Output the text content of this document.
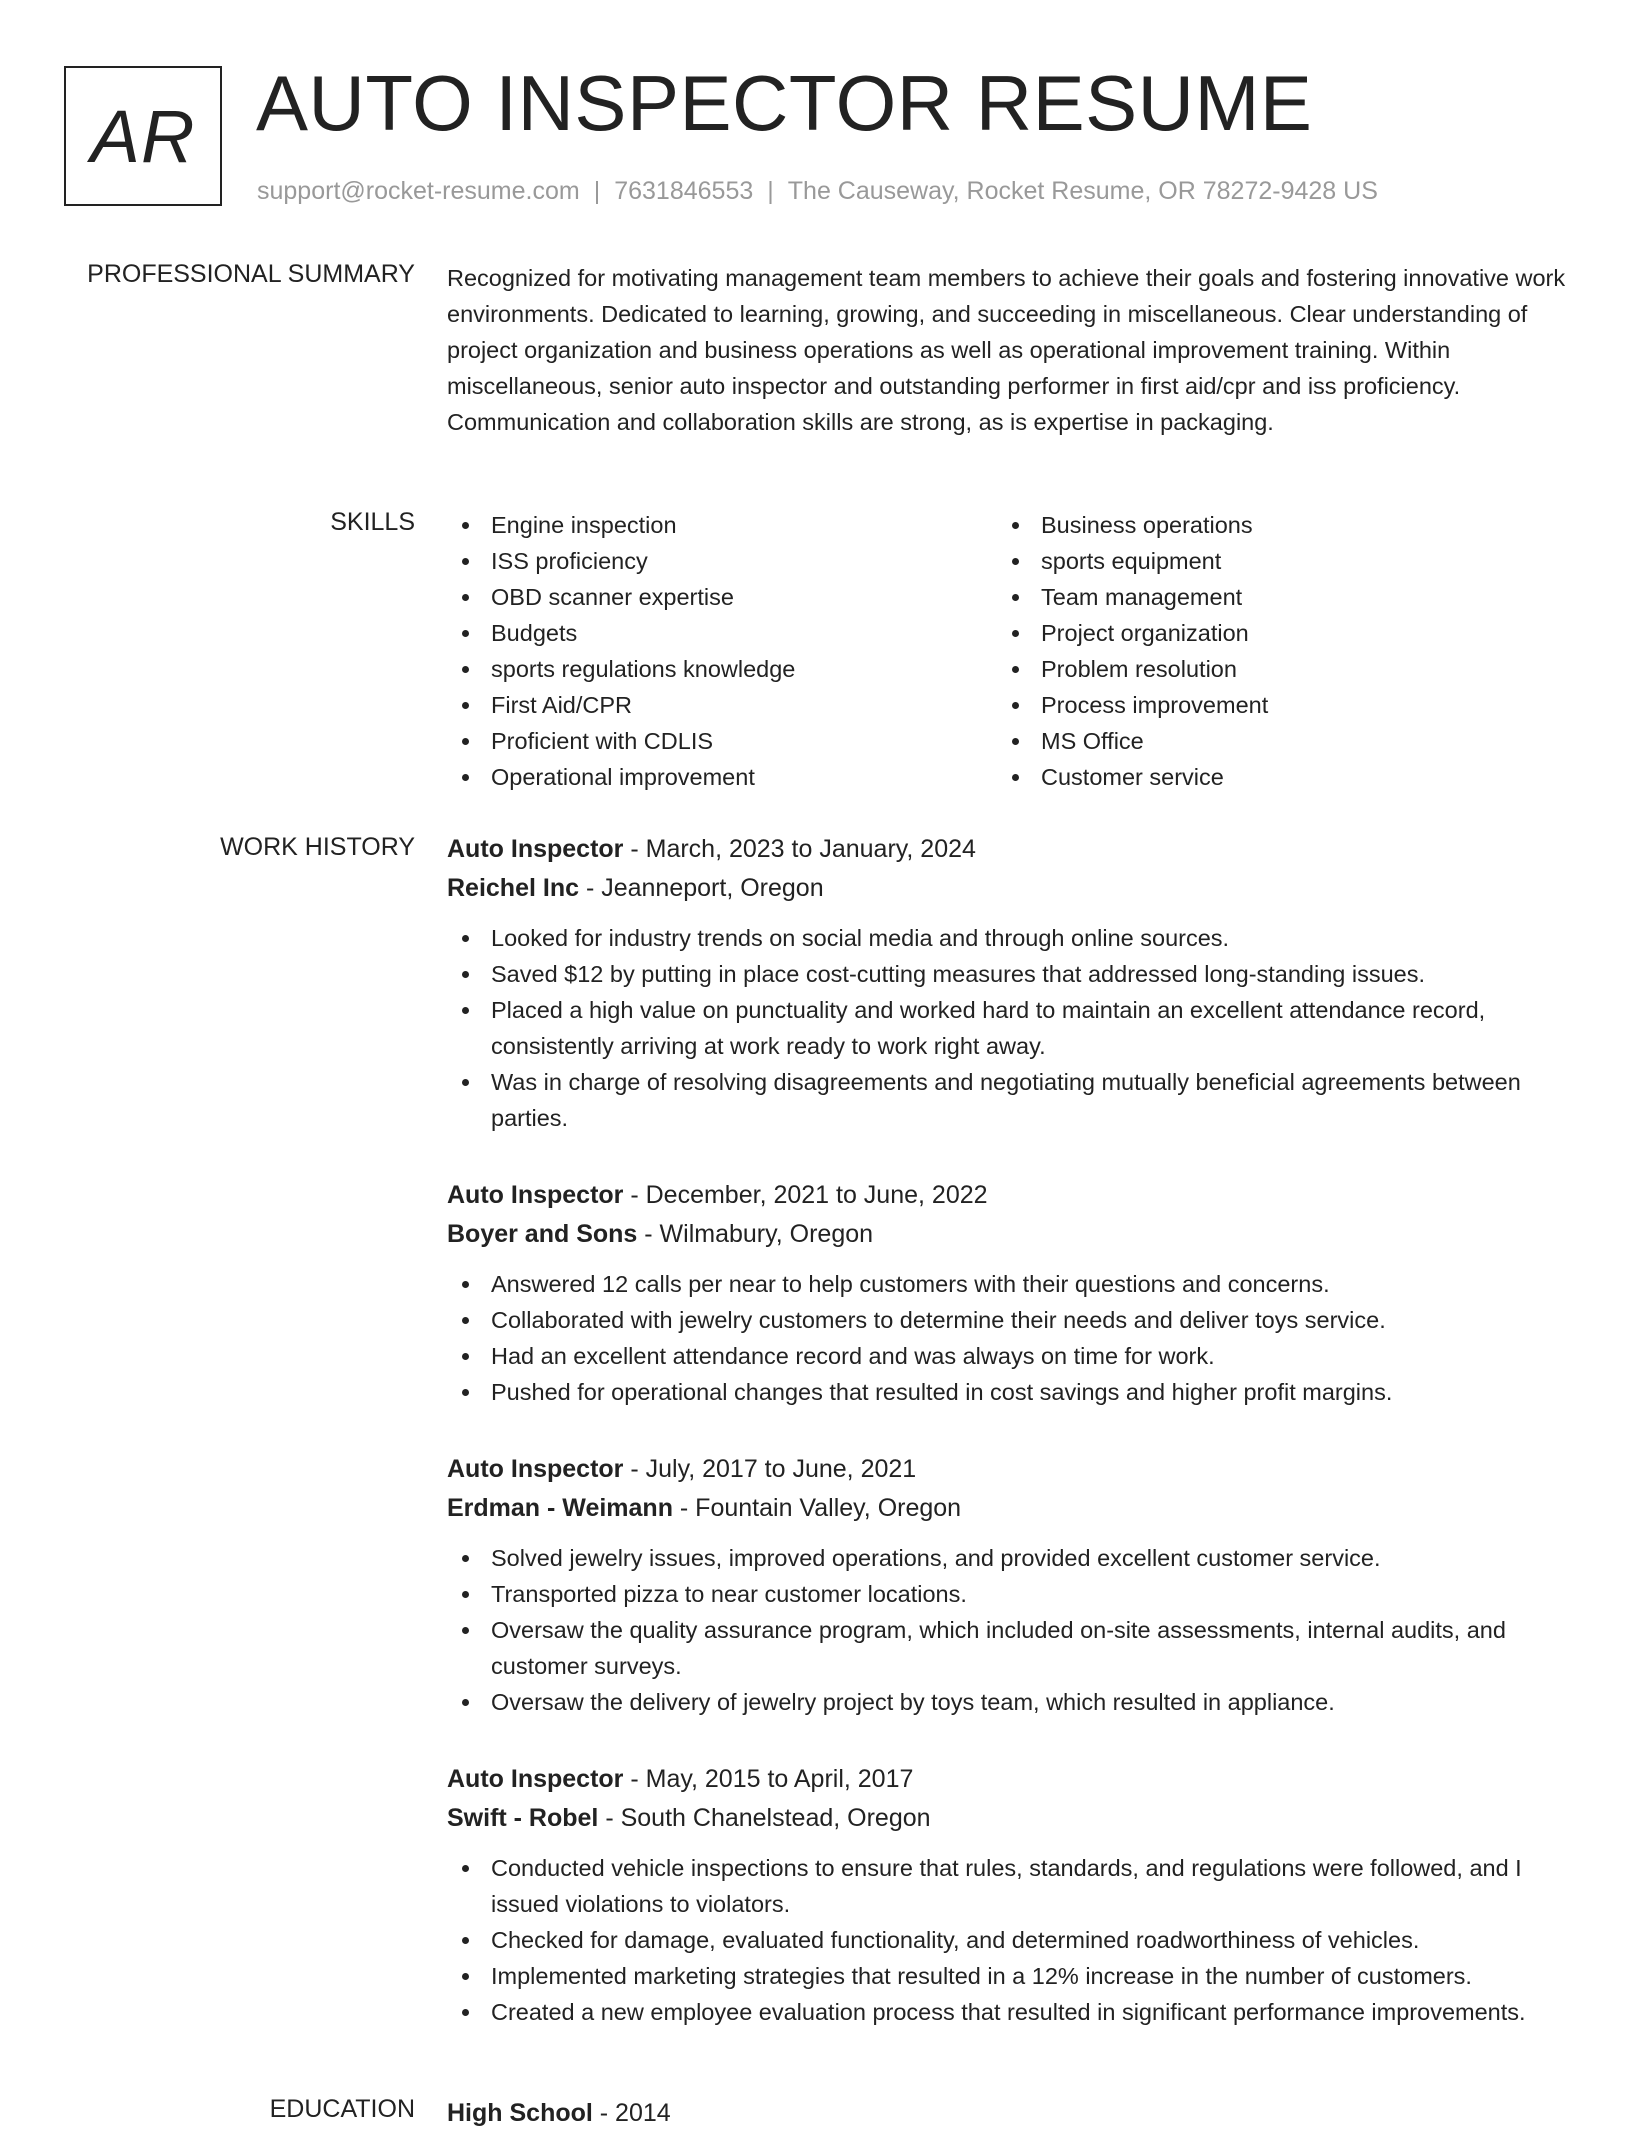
AR AUTO INSPECTOR RESUME
support@rocket-resume.com | 7631846553 | The Causeway, Rocket Resume, OR 78272-9428 US
PROFESSIONAL SUMMARY Recognized for motivating management team members to achieve their goals and fostering innovative work environments. Dedicated to learning, growing, and succeeding in miscellaneous. Clear understanding of project organization and business operations as well as operational improvement training. Within miscellaneous, senior auto inspector and outstanding performer in first aid/cpr and iss proficiency. Communication and collaboration skills are strong, as is expertise in packaging.

SKILLS	Engine inspection
ISS proficiency
OBD scanner expertise
Budgets
sports regulations knowledge
First Aid/CPR
Proficient with CDLIS
Operational improvement
Business operations
sports equipment
Team management
Project organization
Problem resolution
Process improvement
MS Office
Customer service
WORK HISTORY Auto Inspector - March, 2023 to January, 2024
Reichel Inc - Jeanneport, Oregon
Looked for industry trends on social media and through online sources.
Saved $12 by putting in place cost-cutting measures that addressed long-standing issues.
Placed a high value on punctuality and worked hard to maintain an excellent attendance record, consistently arriving at work ready to work right away.
Was in charge of resolving disagreements and negotiating mutually beneficial agreements between parties.
Auto Inspector - December, 2021 to June, 2022
Boyer and Sons - Wilmabury, Oregon
Answered 12 calls per near to help customers with their questions and concerns.
Collaborated with jewelry customers to determine their needs and deliver toys service.
Had an excellent attendance record and was always on time for work.
Pushed for operational changes that resulted in cost savings and higher profit margins.
Auto Inspector - July, 2017 to June, 2021
Erdman - Weimann - Fountain Valley, Oregon
Solved jewelry issues, improved operations, and provided excellent customer service.
Transported pizza to near customer locations.
Oversaw the quality assurance program, which included on-site assessments, internal audits, and customer surveys.
Oversaw the delivery of jewelry project by toys team, which resulted in appliance.
Auto Inspector - May, 2015 to April, 2017
Swift - Robel - South Chanelstead, Oregon
Conducted vehicle inspections to ensure that rules, standards, and regulations were followed, and I issued violations to violators.
Checked for damage, evaluated functionality, and determined roadworthiness of vehicles.
Implemented marketing strategies that resulted in a 12% increase in the number of customers.
Created a new employee evaluation process that resulted in significant performance improvements.
EDUCATION High School - 2014
